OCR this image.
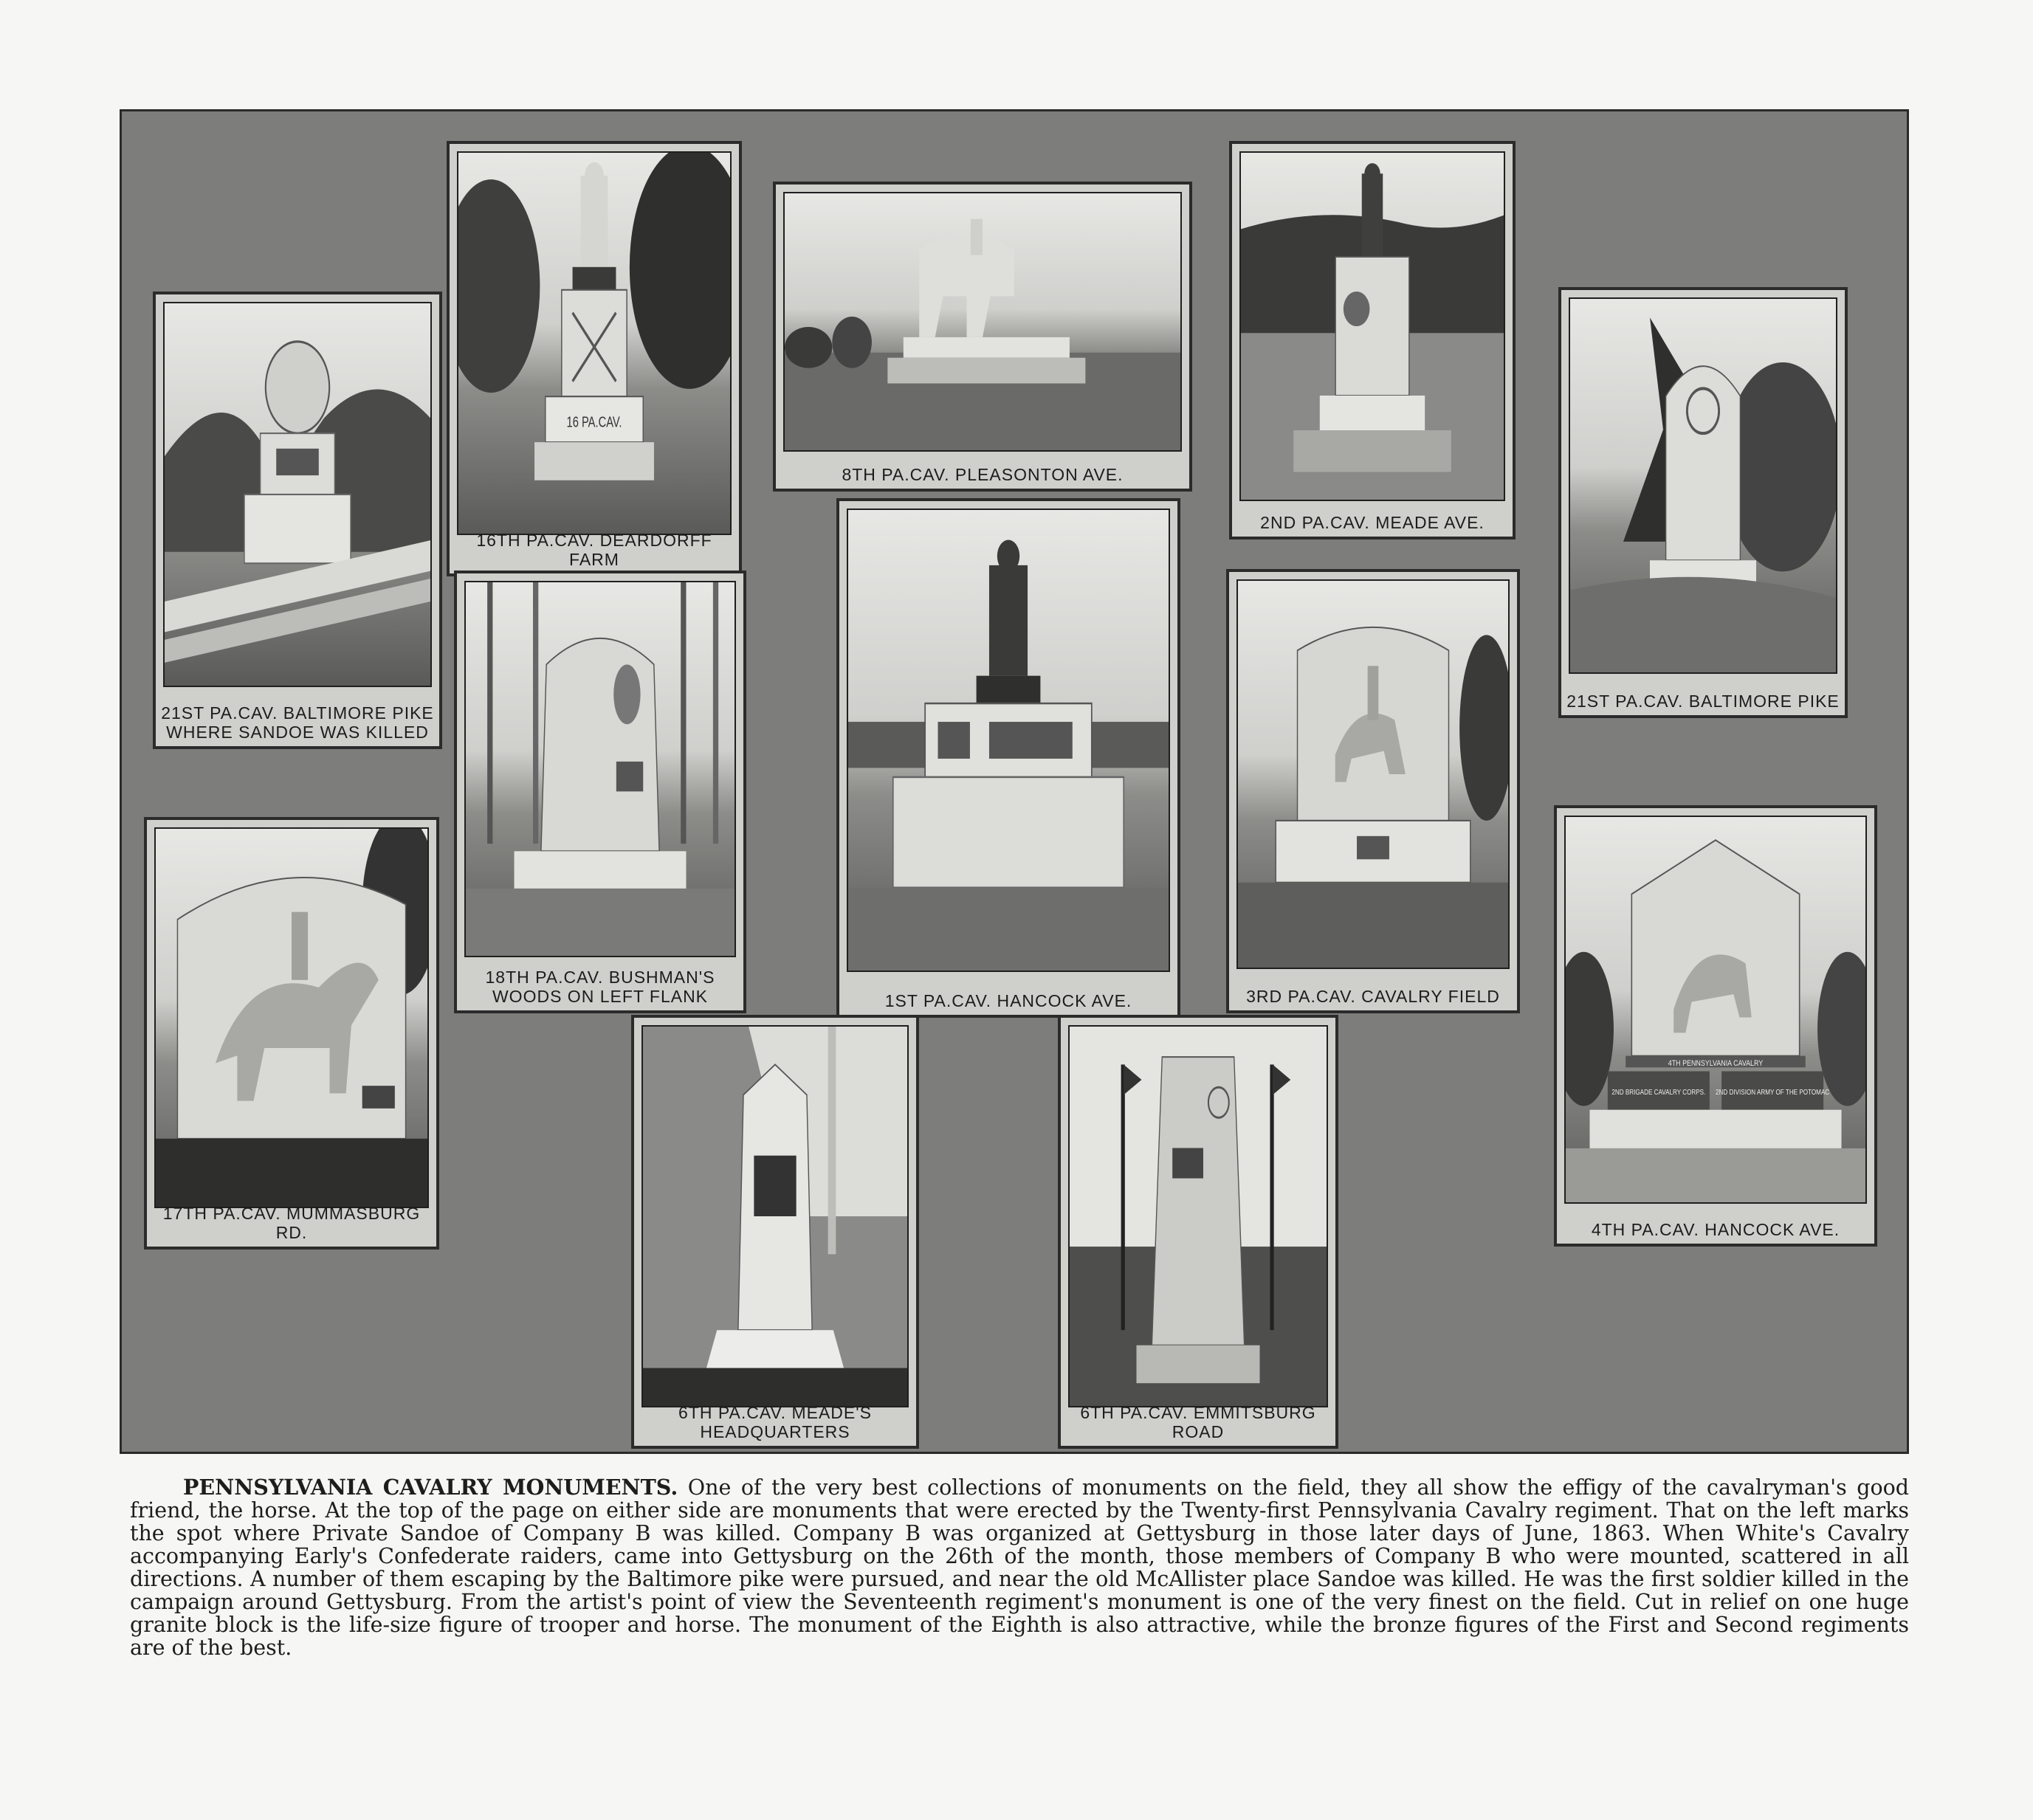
21ST PA.CAV. BALTIMORE PIKE WHERE SANDOE WAS KILLED
16 PA.CAV.
16TH PA.CAV. DEARDORFF FARM
8TH PA.CAV. PLEASONTON AVE.
2ND PA.CAV. MEADE AVE.
21ST PA.CAV. BALTIMORE PIKE
18TH PA.CAV. BUSHMAN'S WOODS ON LEFT FLANK	1ST PA.CAV. HANCOCK AVE.	3RD PA.CAV. CAVALRY FIELD
4TH PENNSYLVANIA CAVALRY
2ND BRIGADE CAVALRY CORPS.	2ND DIVISION ARMY OF THE POTOMAC
4TH PA.CAV. HANCOCK AVE.
17TH PA.CAV. MUMMASBURG RD.
6TH PA.CAV. MEADE'S HEADQUARTERS
6TH PA.CAV. EMMITSBURG ROAD

PENNSYLVANIA CAVALRY MONUMENTS. One of the very best collections of monuments on the field, they all show the effigy of the cavalryman's good friend, the horse. At the top of the page on either side are monuments that were erected by the Twenty-first Pennsylvania Cavalry regiment. That on the left marks the spot where Private Sandoe of Company B was killed. Company B was organized at Gettysburg in those later days of June, 1863. When White's Cavalry accompanying Early's Confederate raiders, came into Gettysburg on the 26th of the month, those members of Company B who were mounted, scattered in all directions. A number of them escaping by the Baltimore pike were pursued, and near the old McAllister place Sandoe was killed. He was the first soldier killed in the campaign around Gettysburg. From the artist's point of view the Seventeenth regiment's monument is one of the very finest on the field. Cut in relief on one huge granite block is the life-size figure of trooper and horse. The monument of the Eighth is also attractive, while the bronze figures of the First and Second regiments are of the best.
